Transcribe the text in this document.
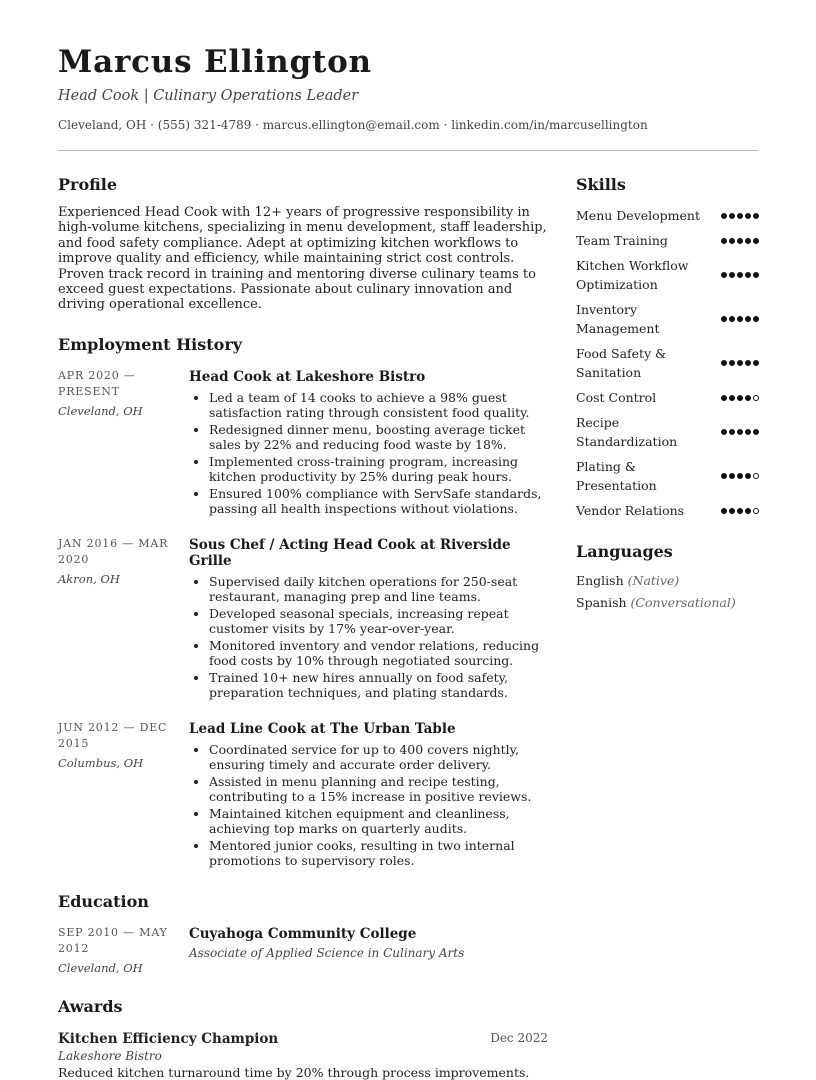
Marcus Ellington
Head Cook | Culinary Operations Leader
Cleveland, OH · (555) 321-4789 · marcus.ellington@email.com · linkedin.com/in/marcusellington
Profile
Experienced Head Cook with 12+ years of progressive responsibility in high-volume kitchens, specializing in menu development, staff leadership, and food safety compliance. Adept at optimizing kitchen workflows to improve quality and efficiency, while maintaining strict cost controls. Proven track record in training and mentoring diverse culinary teams to exceed guest expectations. Passionate about culinary innovation and driving operational excellence.
Employment History
APR 2020 — PRESENT
Cleveland, OH
Head Cook at Lakeshore Bistro
• Led a team of 14 cooks to achieve a 98% guest satisfaction rating through consistent food quality.
• Redesigned dinner menu, boosting average ticket sales by 22% and reducing food waste by 18%.
• Implemented cross-training program, increasing kitchen productivity by 25% during peak hours.
• Ensured 100% compliance with ServSafe standards, passing all health inspections without violations.
JAN 2016 — MAR 2020
Akron, OH
Sous Chef / Acting Head Cook at Riverside Grille
• Supervised daily kitchen operations for 250-seat restaurant, managing prep and line teams.
• Developed seasonal specials, increasing repeat customer visits by 17% year-over-year.
• Monitored inventory and vendor relations, reducing food costs by 10% through negotiated sourcing.
• Trained 10+ new hires annually on food safety, preparation techniques, and plating standards.
JUN 2012 — DEC 2015
Columbus, OH
Lead Line Cook at The Urban Table
• Coordinated service for up to 400 covers nightly, ensuring timely and accurate order delivery.
• Assisted in menu planning and recipe testing, contributing to a 15% increase in positive reviews.
• Maintained kitchen equipment and cleanliness, achieving top marks on quarterly audits.
• Mentored junior cooks, resulting in two internal promotions to supervisory roles.
Education
SEP 2010 — MAY 2012
Cleveland, OH
Cuyahoga Community College
Associate of Applied Science in Culinary Arts
Awards
Kitchen Efficiency Champion	Dec 2022
Lakeshore Bistro
Reduced kitchen turnaround time by 20% through process improvements.
Skills
Menu Development
Team Training
Kitchen Workflow Optimization
Inventory Management
Food Safety & Sanitation
Cost Control
Recipe Standardization
Plating & Presentation
Vendor Relations
Languages
English (Native)
Spanish (Conversational)
